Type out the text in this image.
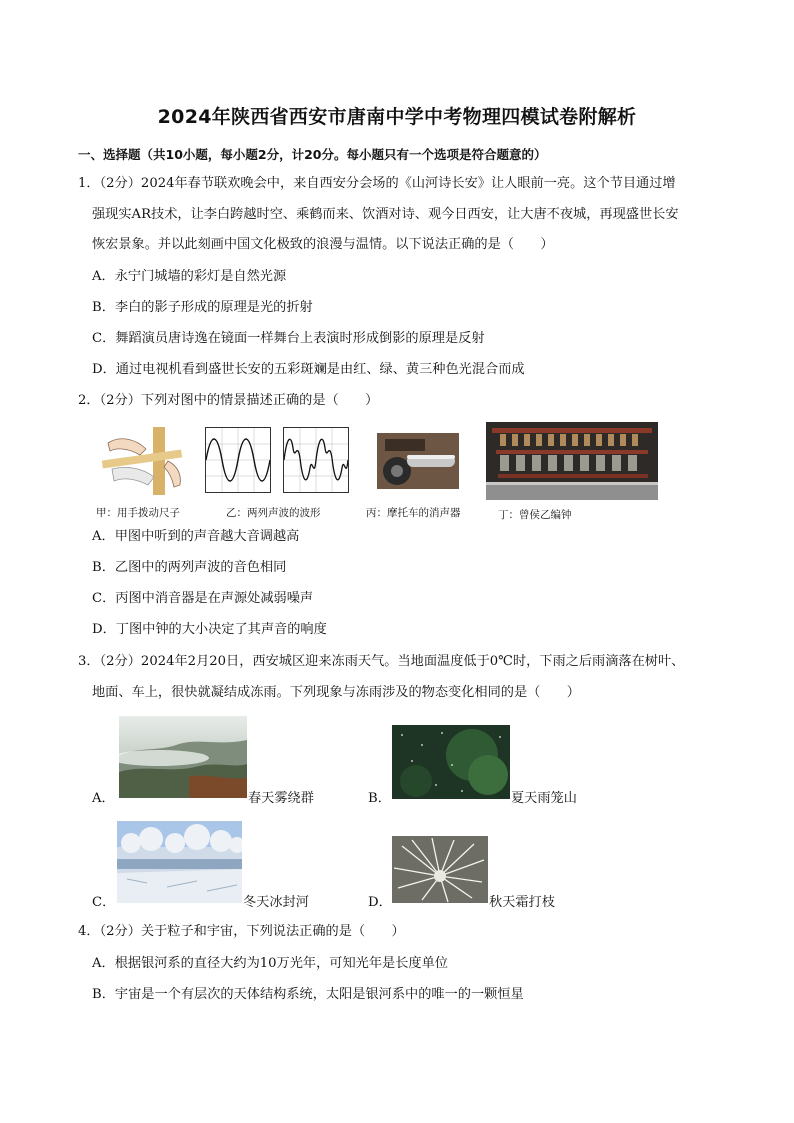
2024年陕西省西安市唐南中学中考物理四模试卷附解析
一、选择题（共10小题，每小题2分，计20分。每小题只有一个选项是符合题意的）
1．（2分）2024年春节联欢晚会中，来自西安分会场的《山河诗长安》让人眼前一亮。这个节目通过增
强现实AR技术，让李白跨越时空、乘鹤而来、饮酒对诗、观今日西安，让大唐不夜城，再现盛世长安
恢宏景象。并以此刻画中国文化极致的浪漫与温情。以下说法正确的是（　　）
A．永宁门城墙的彩灯是自然光源
B．李白的影子形成的原理是光的折射
C．舞蹈演员唐诗逸在镜面一样舞台上表演时形成倒影的原理是反射
D．通过电视机看到盛世长安的五彩斑斓是由红、绿、黄三种色光混合而成
2．（2分）下列对图中的情景描述正确的是（　　）
甲：用手拨动尺子	乙：两列声波的波形	丙：摩托车的消声器	丁：曾侯乙编钟
A．甲图中听到的声音越大音调越高
B．乙图中的两列声波的音色相同
C．丙图中消音器是在声源处减弱噪声
D．丁图中钟的大小决定了其声音的响度
3．（2分）2024年2月20日，西安城区迎来冻雨天气。当地面温度低于0℃时，下雨之后雨滴落在树叶、
地面、车上，很快就凝结成冻雨。下列现象与冻雨涉及的物态变化相同的是（　　）
A．	春天雾绕群	B．	夏天雨笼山
C．	冬天冰封河	D．	秋天霜打枝
4．（2分）关于粒子和宇宙，下列说法正确的是（　　）
A．根据银河系的直径大约为10万光年，可知光年是长度单位
B．宇宙是一个有层次的天体结构系统，太阳是银河系中的唯一的一颗恒星
